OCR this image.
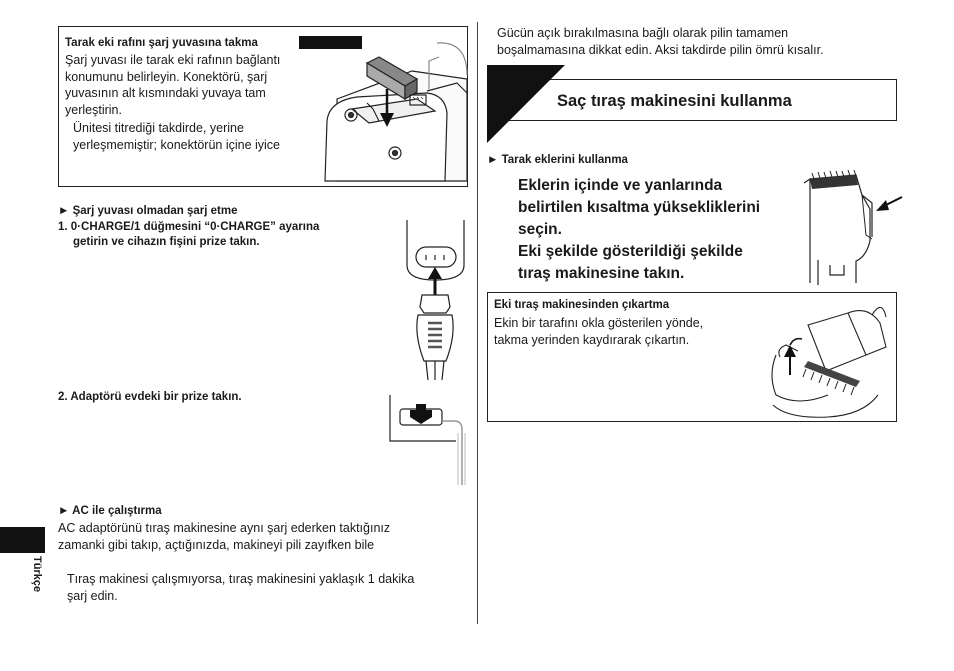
Tarak eki rafını şarj yuvasına takma
Şarj yuvası ile tarak eki rafının bağlantı
konumunu belirleyin. Konektörü, şarj
yuvasının alt kısmındaki yuvaya tam
yerleştirin.
Ünitesi titrediği takdirde, yerine
yerleşmemiştir; konektörün içine iyice
► Şarj yuvası olmadan şarj etme
1. 0·CHARGE/1 düğmesini “0·CHARGE” ayarına
getirin ve cihazın fişini prize takın.
2. Adaptörü evdeki bir prize takın.
► AC ile çalıştırma
AC adaptörünü tıraş makinesine aynı şarj ederken taktığınız
zamanki gibi takıp, açtığınızda, makineyi pili zayıfken bile
Tıraş makinesi çalışmıyorsa, tıraş makinesini yaklaşık 1 dakika
şarj edin.
Türkçe
Gücün açık bırakılmasına bağlı olarak pilin tamamen
boşalmamasına dikkat edin. Aksi takdirde pilin ömrü kısalır.
Saç tıraş makinesini kullanma
► Tarak eklerini kullanma
Eklerin içinde ve yanlarında
belirtilen kısaltma yüksekliklerini
seçin.
Eki şekilde gösterildiği şekilde
tıraş makinesine takın.
Eki tıraş makinesinden çıkartma
Ekin bir tarafını okla gösterilen yönde,
takma yerinden kaydırarak çıkartın.
